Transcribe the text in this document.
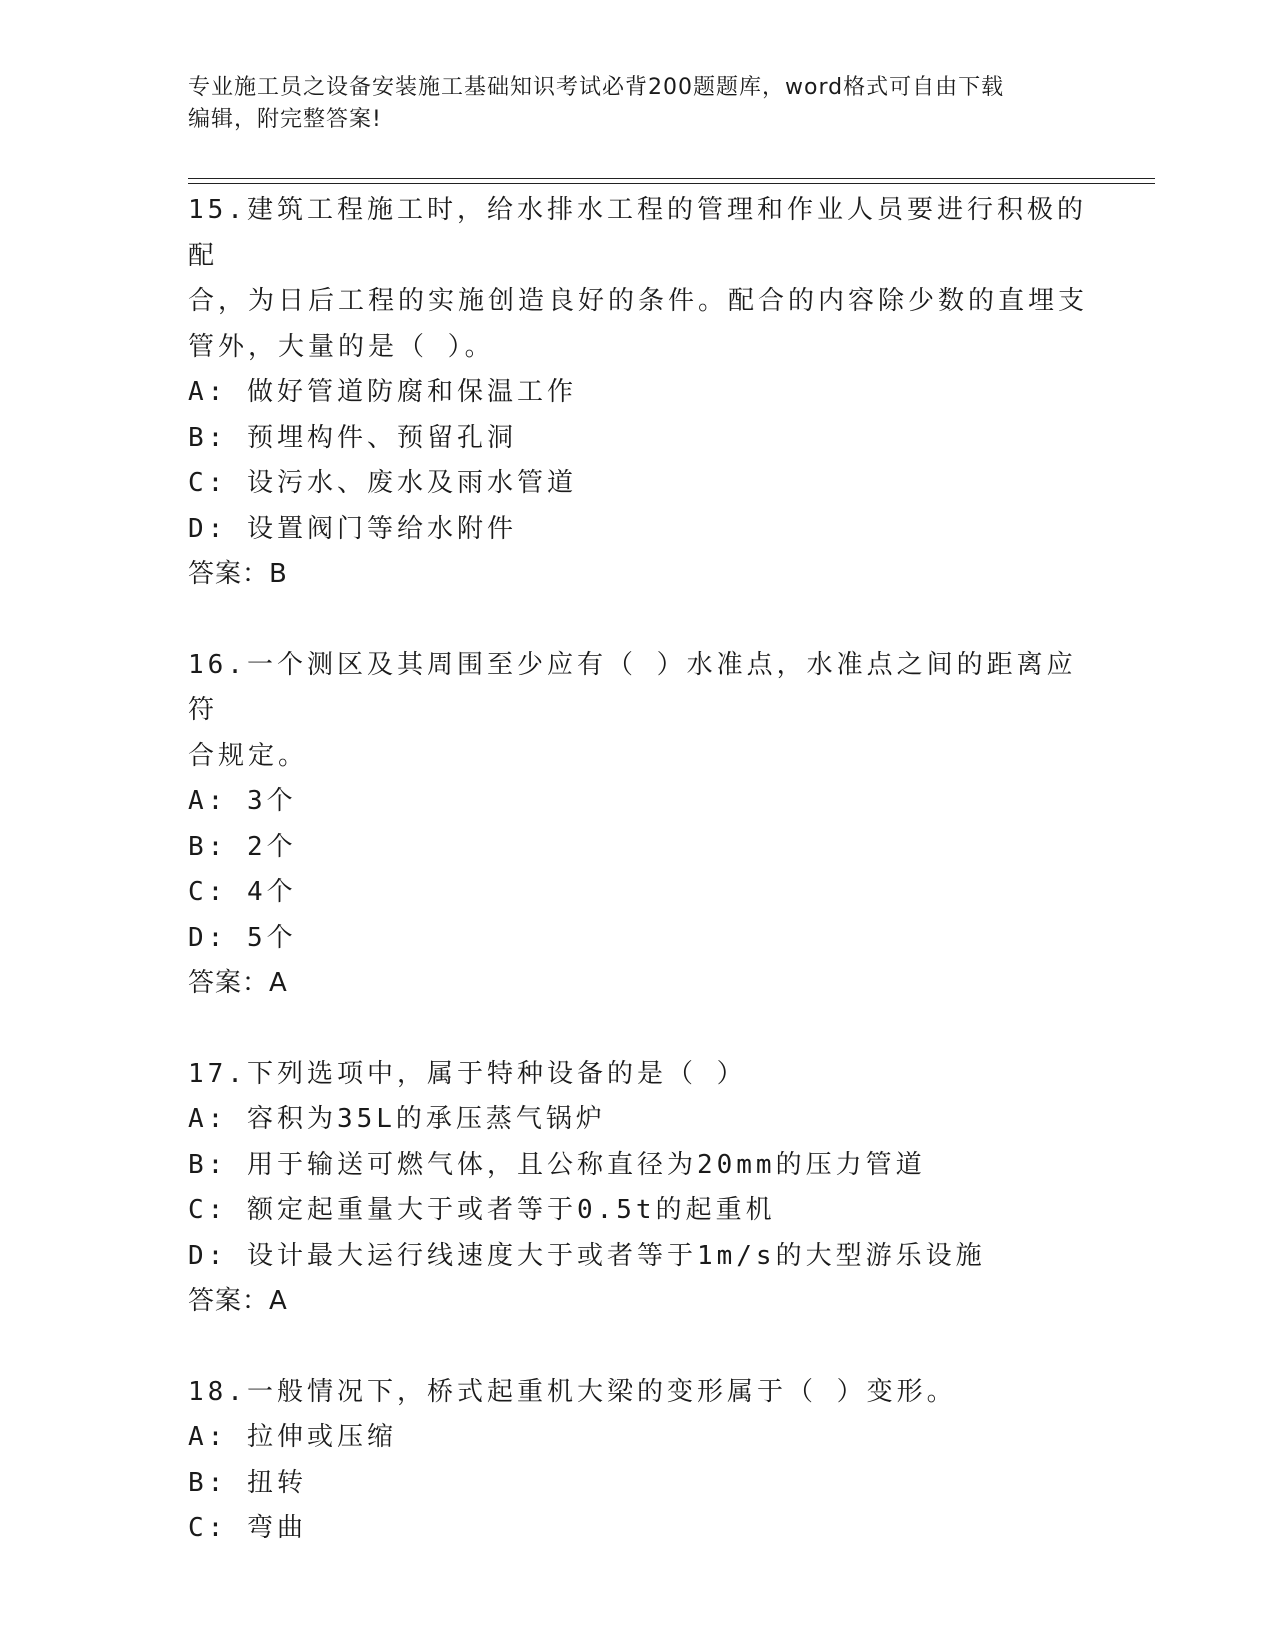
专业施工员之设备安装施工基础知识考试必背200题题库，word格式可自由下载
编辑，附完整答案!
15.建筑工程施工时，给水排水工程的管理和作业人员要进行积极的配
合，为日后工程的实施创造良好的条件。配合的内容除少数的直埋支
管外，大量的是（ ）。
A: 做好管道防腐和保温工作
B: 预埋构件、预留孔洞
C: 设污水、废水及雨水管道
D: 设置阀门等给水附件
答案：B
16.一个测区及其周围至少应有（ ）水准点，水准点之间的距离应符
合规定。
A: 3个
B: 2个
C: 4个
D: 5个
答案：A
17.下列选项中，属于特种设备的是（ ）
A: 容积为35L的承压蒸气锅炉
B: 用于输送可燃气体，且公称直径为20mm的压力管道
C: 额定起重量大于或者等于0.5t的起重机
D: 设计最大运行线速度大于或者等于1m/s的大型游乐设施
答案：A
18.一般情况下，桥式起重机大梁的变形属于（ ）变形。
A: 拉伸或压缩
B: 扭转
C: 弯曲
